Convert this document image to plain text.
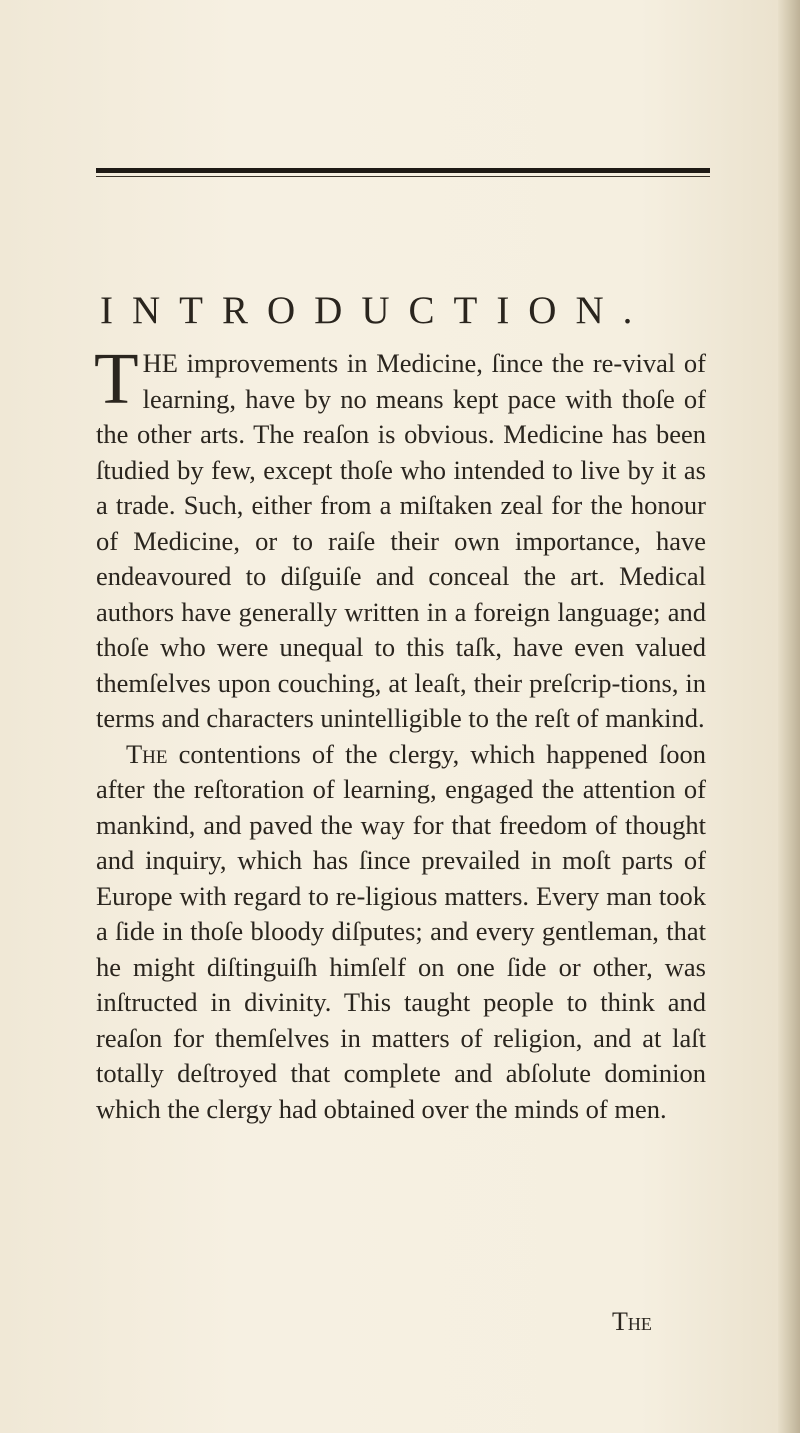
INTRODUCTION.

THE improvements in Medicine, ſince the re-vival of learning, have by no means kept pace with thoſe of the other arts. The reaſon is obvious. Medicine has been ſtudied by few, except thoſe who intended to live by it as a trade. Such, either from a miſtaken zeal for the honour of Medicine, or to raiſe their own importance, have endeavoured to diſguiſe and conceal the art. Medical authors have generally written in a foreign language; and thoſe who were unequal to this taſk, have even valued themſelves upon couching, at leaſt, their preſcrip-tions, in terms and characters unintelligible to the reſt of mankind.

The contentions of the clergy, which happened ſoon after the reſtoration of learning, engaged the attention of mankind, and paved the way for that freedom of thought and inquiry, which has ſince prevailed in moſt parts of Europe with regard to re-ligious matters. Every man took a ſide in thoſe bloody diſputes; and every gentleman, that he might diſtinguiſh himſelf on one ſide or other, was inſtructed in divinity. This taught people to think and reaſon for themſelves in matters of religion, and at laſt totally deſtroyed that complete and abſolute dominion which the clergy had obtained over the minds of men.

The
